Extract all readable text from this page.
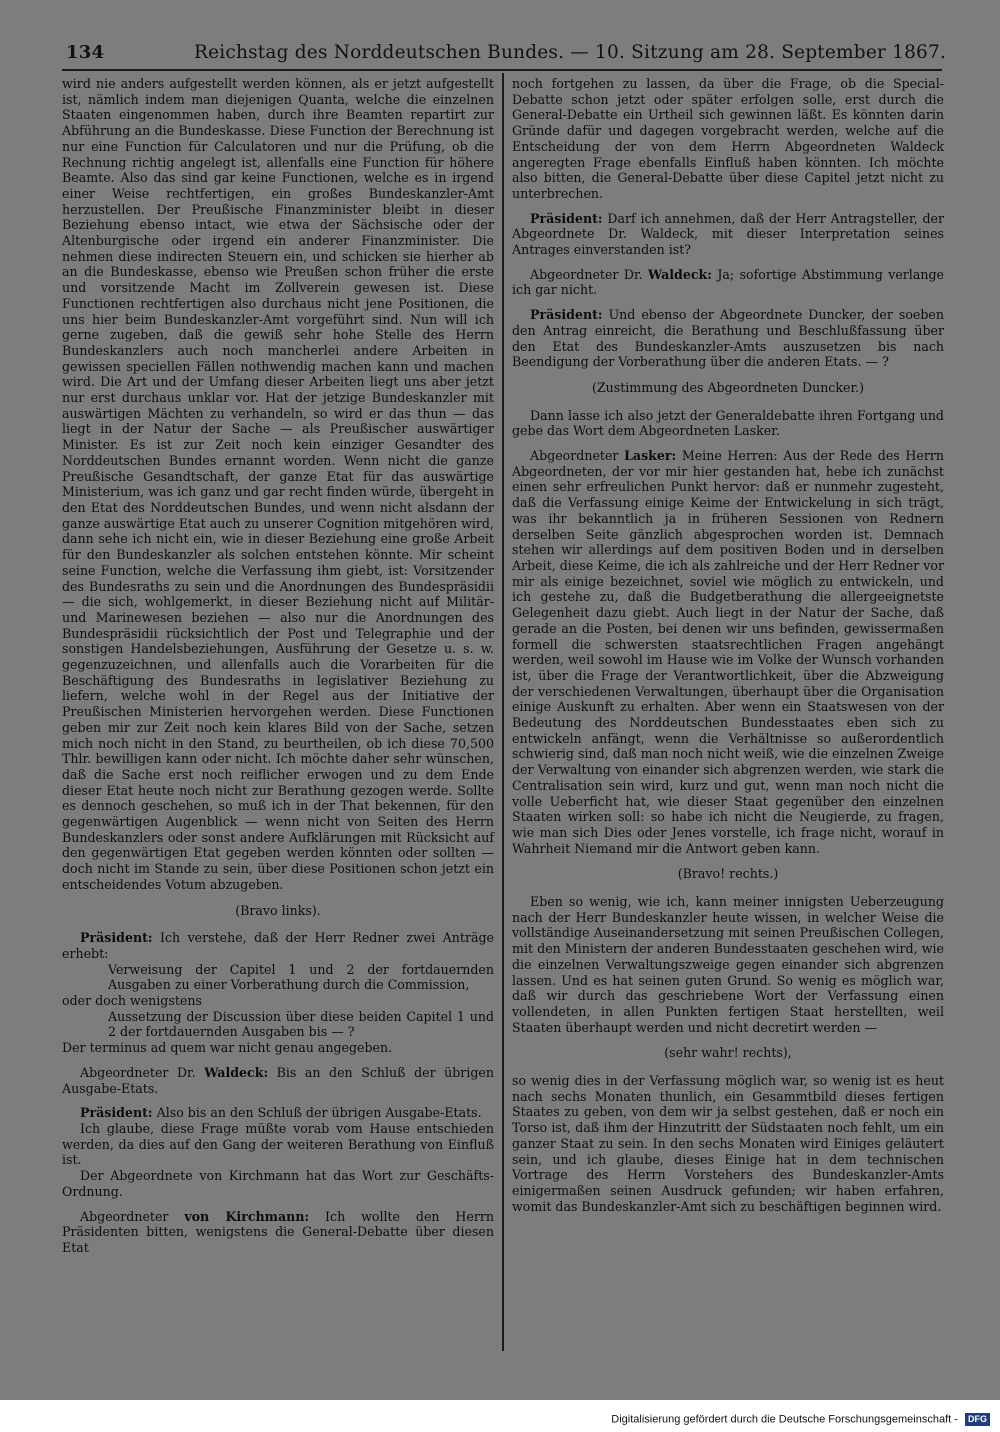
134	Reichstag des Norddeutschen Bundes. — 10. Sitzung am 28. September 1867.

wird nie anders aufgestellt werden können, als er jetzt aufgestellt ist, nämlich indem man diejenigen Quanta, welche die einzelnen Staaten eingenommen haben, durch ihre Beamten repartirt zur Abführung an die Bundeskasse. Diese Function der Berechnung ist nur eine Function für Calculatoren und nur die Prüfung, ob die Rechnung richtig angelegt ist, allenfalls eine Function für höhere Beamte. Also das sind gar keine Functionen, welche es in irgend einer Weise rechtfertigen, ein großes Bundeskanzler-Amt herzustellen. Der Preußische Finanzminister bleibt in dieser Beziehung ebenso intact, wie etwa der Sächsische oder der Altenburgische oder irgend ein anderer Finanzminister. Die nehmen diese indirecten Steuern ein, und schicken sie hierher ab an die Bundeskasse, ebenso wie Preußen schon früher die erste und vorsitzende Macht im Zollverein gewesen ist. Diese Functionen rechtfertigen also durchaus nicht jene Positionen, die uns hier beim Bundeskanzler-Amt vorgeführt sind. Nun will ich gerne zugeben, daß die gewiß sehr hohe Stelle des Herrn Bundeskanzlers auch noch mancherlei andere Arbeiten in gewissen speciellen Fällen nothwendig machen kann und machen wird. Die Art und der Umfang dieser Arbeiten liegt uns aber jetzt nur erst durchaus unklar vor. Hat der jetzige Bundeskanzler mit auswärtigen Mächten zu verhandeln, so wird er das thun — das liegt in der Natur der Sache — als Preußischer auswärtiger Minister. Es ist zur Zeit noch kein einziger Gesandter des Norddeutschen Bundes ernannt worden. Wenn nicht die ganze Preußische Gesandtschaft, der ganze Etat für das auswärtige Ministerium, was ich ganz und gar recht finden würde, übergeht in den Etat des Norddeutschen Bundes, und wenn nicht alsdann der ganze auswärtige Etat auch zu unserer Cognition mitgehören wird, dann sehe ich nicht ein, wie in dieser Beziehung eine große Arbeit für den Bundeskanzler als solchen entstehen könnte. Mir scheint seine Function, welche die Verfassung ihm giebt, ist: Vorsitzender des Bundesraths zu sein und die Anordnungen des Bundespräsidii — die sich, wohlgemerkt, in dieser Beziehung nicht auf Militär- und Marinewesen beziehen — also nur die Anordnungen des Bundespräsidii rücksichtlich der Post und Telegraphie und der sonstigen Handelsbeziehungen, Ausführung der Gesetze u. s. w. gegenzuzeichnen, und allenfalls auch die Vorarbeiten für die Beschäftigung des Bundesraths in legislativer Beziehung zu liefern, welche wohl in der Regel aus der Initiative der Preußischen Ministerien hervorgehen werden. Diese Functionen geben mir zur Zeit noch kein klares Bild von der Sache, setzen mich noch nicht in den Stand, zu beurtheilen, ob ich diese 70,500 Thlr. bewilligen kann oder nicht. Ich möchte daher sehr wünschen, daß die Sache erst noch reiflicher erwogen und zu dem Ende dieser Etat heute noch nicht zur Berathung gezogen werde. Sollte es dennoch geschehen, so muß ich in der That bekennen, für den gegenwärtigen Augenblick — wenn nicht von Seiten des Herrn Bundeskanzlers oder sonst andere Aufklärungen mit Rücksicht auf den gegenwärtigen Etat gegeben werden könnten oder sollten — doch nicht im Stande zu sein, über diese Positionen schon jetzt ein entscheidendes Votum abzugeben.

(Bravo links).

Präsident: Ich verstehe, daß der Herr Redner zwei Anträge erhebt:

Verweisung der Capitel 1 und 2 der fortdauernden Ausgaben zu einer Vorberathung durch die Commission,

oder doch wenigstens

Aussetzung der Discussion über diese beiden Capitel 1 und 2 der fortdauernden Ausgaben bis — ?

Der terminus ad quem war nicht genau angegeben.

Abgeordneter Dr. Waldeck: Bis an den Schluß der übrigen Ausgabe-Etats.

Präsident: Also bis an den Schluß der übrigen Ausgabe-Etats.

Ich glaube, diese Frage müßte vorab vom Hause entschieden werden, da dies auf den Gang der weiteren Berathung von Einfluß ist.

Der Abgeordnete von Kirchmann hat das Wort zur Geschäfts-Ordnung.

Abgeordneter von Kirchmann: Ich wollte den Herrn Präsidenten bitten, wenigstens die General-Debatte über diesen Etat

noch fortgehen zu lassen, da über die Frage, ob die Special-Debatte schon jetzt oder später erfolgen solle, erst durch die General-Debatte ein Urtheil sich gewinnen läßt. Es könnten darin Gründe dafür und dagegen vorgebracht werden, welche auf die Entscheidung der von dem Herrn Abgeordneten Waldeck angeregten Frage ebenfalls Einfluß haben könnten. Ich möchte also bitten, die General-Debatte über diese Capitel jetzt nicht zu unterbrechen.

Präsident: Darf ich annehmen, daß der Herr Antragsteller, der Abgeordnete Dr. Waldeck, mit dieser Interpretation seines Antrages einverstanden ist?

Abgeordneter Dr. Waldeck: Ja; sofortige Abstimmung verlange ich gar nicht.

Präsident: Und ebenso der Abgeordnete Duncker, der soeben den Antrag einreicht, die Berathung und Beschlußfassung über den Etat des Bundeskanzler-Amts auszusetzen bis nach Beendigung der Vorberathung über die anderen Etats. — ?

(Zustimmung des Abgeordneten Duncker.)

Dann lasse ich also jetzt der Generaldebatte ihren Fortgang und gebe das Wort dem Abgeordneten Lasker.

Abgeordneter Lasker: Meine Herren: Aus der Rede des Herrn Abgeordneten, der vor mir hier gestanden hat, hebe ich zunächst einen sehr erfreulichen Punkt hervor: daß er nunmehr zugesteht, daß die Verfassung einige Keime der Entwickelung in sich trägt, was ihr bekanntlich ja in früheren Sessionen von Rednern derselben Seite gänzlich abgesprochen worden ist. Demnach stehen wir allerdings auf dem positiven Boden und in derselben Arbeit, diese Keime, die ich als zahlreiche und der Herr Redner vor mir als einige bezeichnet, soviel wie möglich zu entwickeln, und ich gestehe zu, daß die Budgetberathung die allergeeignetste Gelegenheit dazu giebt. Auch liegt in der Natur der Sache, daß gerade an die Posten, bei denen wir uns befinden, gewissermaßen formell die schwersten staatsrechtlichen Fragen angehängt werden, weil sowohl im Hause wie im Volke der Wunsch vorhanden ist, über die Frage der Verantwortlichkeit, über die Abzweigung der verschiedenen Verwaltungen, überhaupt über die Organisation einige Auskunft zu erhalten. Aber wenn ein Staatswesen von der Bedeutung des Norddeutschen Bundesstaates eben sich zu entwickeln anfängt, wenn die Verhältnisse so außerordentlich schwierig sind, daß man noch nicht weiß, wie die einzelnen Zweige der Verwaltung von einander sich abgrenzen werden, wie stark die Centralisation sein wird, kurz und gut, wenn man noch nicht die volle Ueberficht hat, wie dieser Staat gegenüber den einzelnen Staaten wirken soll: so habe ich nicht die Neugierde, zu fragen, wie man sich Dies oder Jenes vorstelle, ich frage nicht, worauf in Wahrheit Niemand mir die Antwort geben kann.

(Bravo! rechts.)

Eben so wenig, wie ich, kann meiner innigsten Ueberzeugung nach der Herr Bundeskanzler heute wissen, in welcher Weise die vollständige Auseinandersetzung mit seinen Preußischen Collegen, mit den Ministern der anderen Bundesstaaten geschehen wird, wie die einzelnen Verwaltungszweige gegen einander sich abgrenzen lassen. Und es hat seinen guten Grund. So wenig es möglich war, daß wir durch das geschriebene Wort der Verfassung einen vollendeten, in allen Punkten fertigen Staat herstellten, weil Staaten überhaupt werden und nicht decretirt werden —

(sehr wahr! rechts),

so wenig dies in der Verfassung möglich war, so wenig ist es heut nach sechs Monaten thunlich, ein Gesammtbild dieses fertigen Staates zu geben, von dem wir ja selbst gestehen, daß er noch ein Torso ist, daß ihm der Hinzutritt der Südstaaten noch fehlt, um ein ganzer Staat zu sein. In den sechs Monaten wird Einiges geläutert sein, und ich glaube, dieses Einige hat in dem technischen Vortrage des Herrn Vorstehers des Bundeskanzler-Amts einigermaßen seinen Ausdruck gefunden; wir haben erfahren, womit das Bundeskanzler-Amt sich zu beschäftigen beginnen wird.

Digitalisierung gefördert durch die Deutsche Forschungsgemeinschaft - DFG
